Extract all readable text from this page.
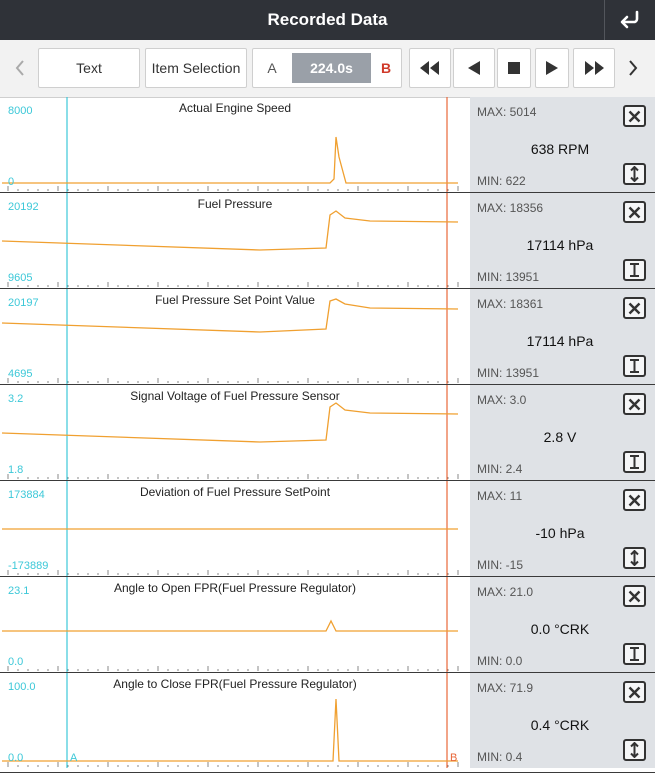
Recorded Data
Text	Item Selection	A	224.0s	B
Actual Engine Speed
8000
0
MAX: 5014
638 RPM
MIN: 622
Fuel Pressure
20192
9605
MAX: 18356
17114 hPa
MIN: 13951
Fuel Pressure Set Point Value
20197
4695
MAX: 18361
17114 hPa
MIN: 13951
Signal Voltage of Fuel Pressure Sensor
3.2
1.8
MAX: 3.0
2.8 V
MIN: 2.4
Deviation of Fuel Pressure SetPoint
173884
-173889
MAX: 11
-10 hPa
MIN: -15
Angle to Open FPR(Fuel Pressure Regulator)
23.1
0.0
MAX: 21.0
0.0 °CRK
MIN: 0.0
Angle to Close FPR(Fuel Pressure Regulator)
100.0
0.0	A	B
MAX: 71.9
0.4 °CRK
MIN: 0.4
